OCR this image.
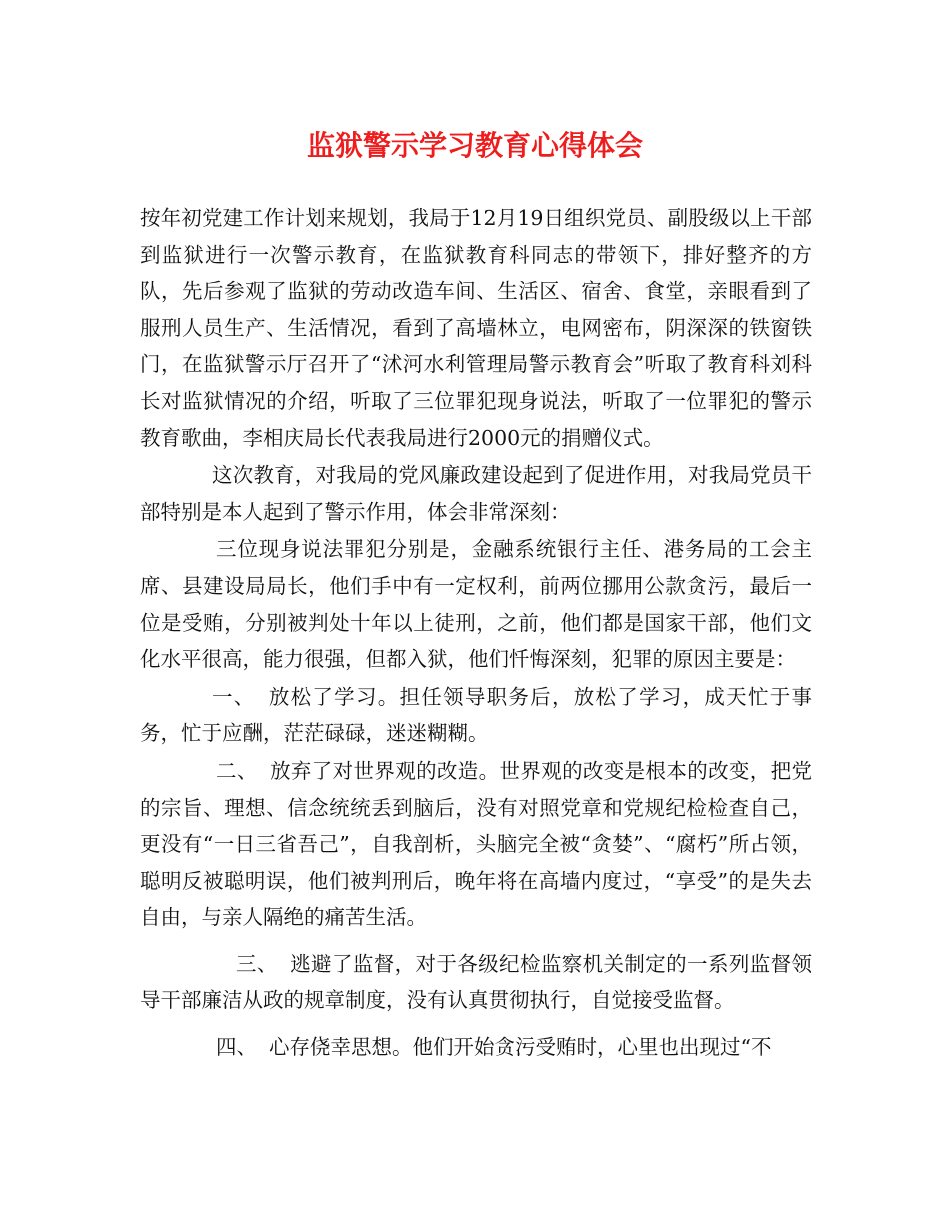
监狱警示学习教育心得体会

按年初党建工作计划来规划，我局于12月19日组织党员、副股级以上干部到监狱进行一次警示教育，在监狱教育科同志的带领下，排好整齐的方队，先后参观了监狱的劳动改造车间、生活区、宿舍、食堂，亲眼看到了服刑人员生产、生活情况，看到了高墙林立，电网密布，阴深深的铁窗铁门，在监狱警示厅召开了“沭河水利管理局警示教育会”听取了教育科刘科长对监狱情况的介绍，听取了三位罪犯现身说法，听取了一位罪犯的警示教育歌曲，李相庆局长代表我局进行2000元的捐赠仪式。

这次教育，对我局的党风廉政建设起到了促进作用，对我局党员干部特别是本人起到了警示作用，体会非常深刻：

三位现身说法罪犯分别是，金融系统银行主任、港务局的工会主席、县建设局局长，他们手中有一定权利，前两位挪用公款贪污，最后一位是受贿，分别被判处十年以上徒刑，之前，他们都是国家干部，他们文化水平很高，能力很强，但都入狱，他们忏悔深刻，犯罪的原因主要是：

一、 放松了学习。担任领导职务后，放松了学习，成天忙于事务，忙于应酬，茫茫碌碌，迷迷糊糊。

二、 放弃了对世界观的改造。世界观的改变是根本的改变，把党的宗旨、理想、信念统统丢到脑后，没有对照党章和党规纪检检查自己，更没有“一日三省吾己”，自我剖析，头脑完全被“贪婪”、“腐朽”所占领，聪明反被聪明误，他们被判刑后，晚年将在高墙内度过，“享受”的是失去自由，与亲人隔绝的痛苦生活。

三、 逃避了监督，对于各级纪检监察机关制定的一系列监督领导干部廉洁从政的规章制度，没有认真贯彻执行，自觉接受监督。

四、 心存侥幸思想。他们开始贪污受贿时，心里也出现过“不
